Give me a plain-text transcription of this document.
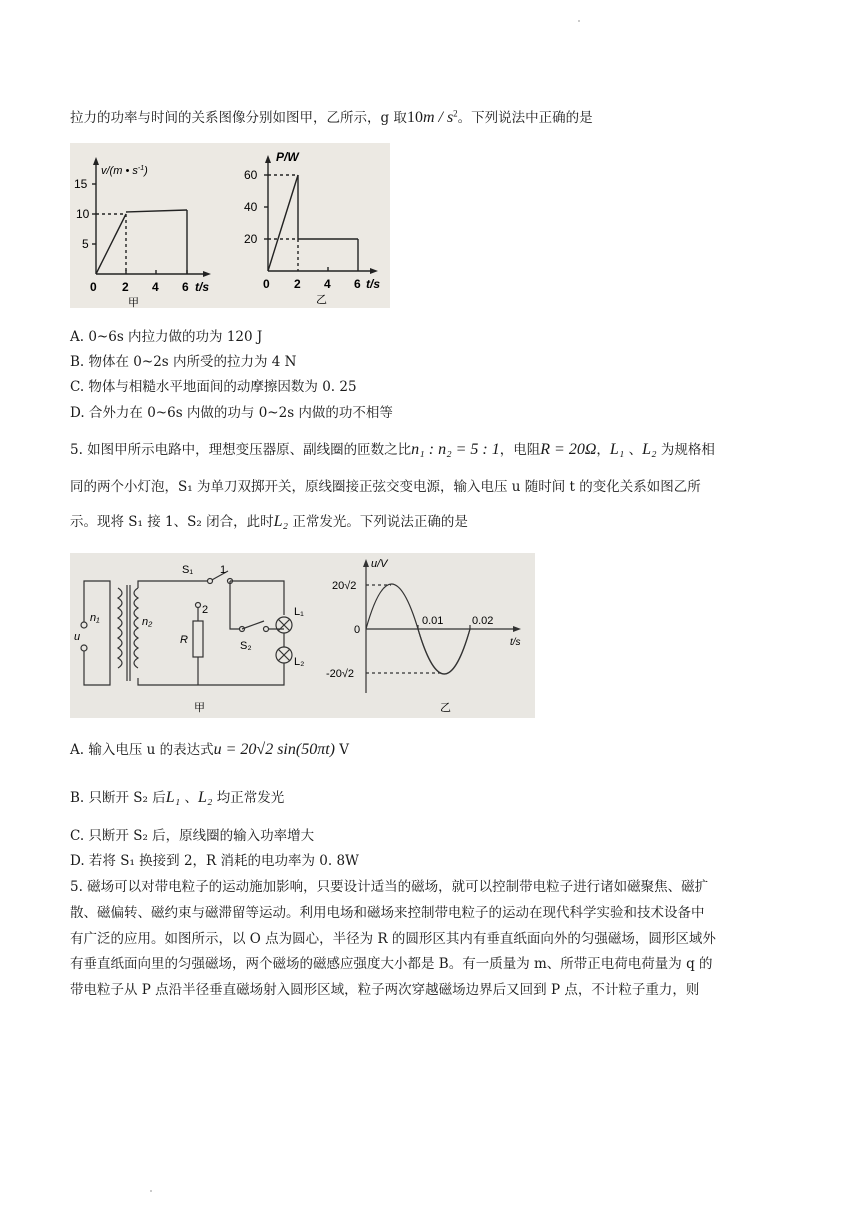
拉力的功率与时间的关系图像分别如图甲，乙所示，g 取$10m / s^2$。下列说法中正确的是
v/(m • $s^{-1}$)
15
10
5
0 2 4 6 t/s
甲
P/W
60
40
20
0 2 4 6 t/s
乙
A. 0~6s 内拉力做的功为 120 J
B. 物体在 0~2s 内所受的拉力为 4 N
C. 物体与相糙水平地面间的动摩擦因数为 0. 25
D. 合外力在 0~6s 内做的功与 0~2s 内做的功不相等
5. 如图甲所示电路中，理想变压器原、副线圈的匝数之比n₁ : n₂ = 5 : 1，电阻R = 20Ω，L₁ 、L₂ 为规格相
同的两个小灯泡，S₁ 为单刀双掷开关，原线圈接正弦交变电源，输入电压 u 随时间 t 的变化关系如图乙所
示。现将 S₁ 接 1、S₂ 闭合，此时L₂ 正常发光。下列说法正确的是
u
n₁	n₂
S₁ 1
2
R	S₂
L₁
L₂
甲
u/V
20√2
0
-20√2
0.01	0.02
t/s
乙
A. 输入电压 u 的表达式u = 20√2 sin(50πt) V
B. 只断开 S₂ 后L₁ 、L₂ 均正常发光
C. 只断开 S₂ 后，原线圈的输入功率增大
D. 若将 S₁ 换接到 2，R 消耗的电功率为 0. 8W
5. 磁场可以对带电粒子的运动施加影响，只要设计适当的磁场，就可以控制带电粒子进行诸如磁聚焦、磁扩
散、磁偏转、磁约束与磁滞留等运动。利用电场和磁场来控制带电粒子的运动在现代科学实验和技术设备中
有广泛的应用。如图所示，以 O 点为圆心，半径为 R 的圆形区其内有垂直纸面向外的匀强磁场，圆形区域外
有垂直纸面向里的匀强磁场，两个磁场的磁感应强度大小都是 B。有一质量为 m、所带正电荷电荷量为 q 的
带电粒子从 P 点沿半径垂直磁场射入圆形区域，粒子两次穿越磁场边界后又回到 P 点，不计粒子重力，则
